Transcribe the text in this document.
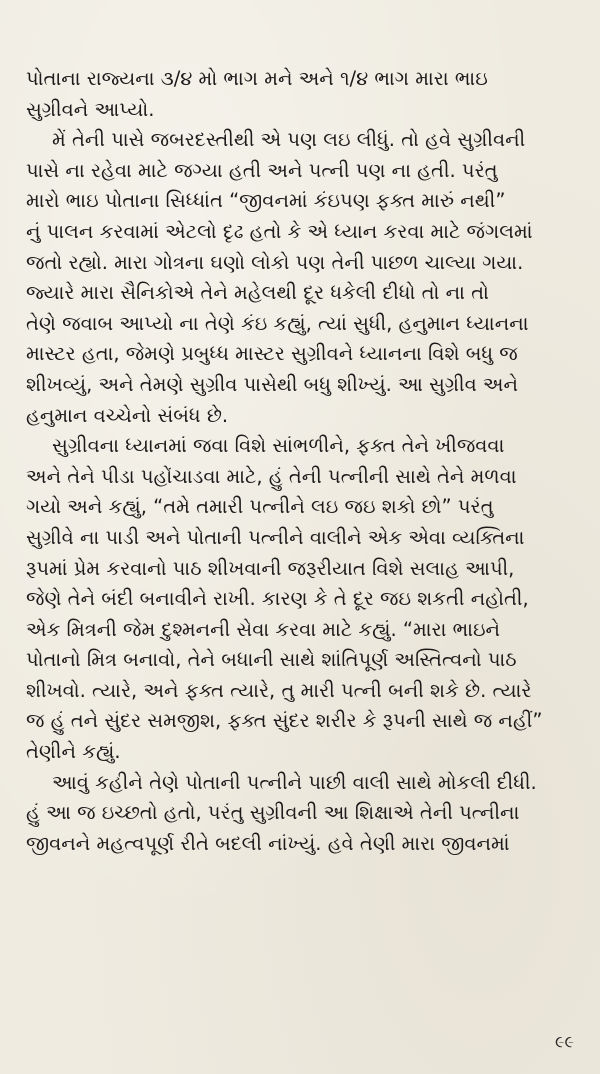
પોતાના રાજ્યના ૩/૪ મો ભાગ મને અને ૧/૪ ભાગ મારા ભાઇ
સુગ્રીવને આપ્યો.
મેં તેની પાસે જબરદસ્તીથી એ પણ લઇ લીધું. તો હવે સુગ્રીવની
પાસે ના રહેવા માટે જગ્યા હતી અને પત્ની પણ ના હતી. પરંતુ
મારો ભાઇ પોતાના સિધ્ધાંત “જીવનમાં કંઇપણ ફક્ત મારું નથી”
નું પાલન કરવામાં એટલો દૃઢ હતો કે એ ધ્યાન કરવા માટે જંગલમાં
જતો રહ્યો. મારા ગોત્રના ઘણો લોકો પણ તેની પાછળ ચાલ્યા ગયા.
જ્યારે મારા સૈનિકોએ તેને મહેલથી દૂર ધકેલી દીધો તો ના તો
તેણે જવાબ આપ્યો ના તેણે કંઇ કહ્યું, ત્યાં સુધી, હનુમાન ધ્યાનના
માસ્ટર હતા, જેમણે પ્રબુધ્ધ માસ્ટર સુગ્રીવને ધ્યાનના વિશે બધુ જ
શીખવ્યું, અને તેમણે સુગ્રીવ પાસેથી બધુ શીખ્યું. આ સુગ્રીવ અને
હનુમાન વચ્ચેનો સંબંધ છે.
સુગ્રીવના ધ્યાનમાં જવા વિશે સાંભળીને, ફક્ત તેને ખીજવવા
અને તેને પીડા પહોંચાડવા માટે, હું તેની પત્નીની સાથે તેને મળવા
ગયો અને કહ્યું, “તમે તમારી પત્નીને લઇ જઇ શકો છો” પરંતુ
સુગ્રીવે ના પાડી અને પોતાની પત્નીને વાલીને એક એવા વ્યક્તિના
રૂપમાં પ્રેમ કરવાનો પાઠ શીખવાની જરૂરીયાત વિશે સલાહ આપી,
જેણે તેને બંદી બનાવીને રાખી. કારણ કે તે દૂર જઇ શકતી નહોતી,
એક મિત્રની જેમ દુશ્મનની સેવા કરવા માટે કહ્યું. “મારા ભાઇને
પોતાનો મિત્ર બનાવો, તેને બધાની સાથે શાંતિપૂર્ણ અસ્તિત્વનો પાઠ
શીખવો. ત્યારે, અને ફક્ત ત્યારે, તુ મારી પત્ની બની શકે છે. ત્યારે
જ હું તને સુંદર સમજીશ, ફક્ત સુંદર શરીર કે રૂપની સાથે જ નહીં”
તેણીને કહ્યું.
આવું કહીને તેણે પોતાની પત્નીને પાછી વાલી સાથે મોકલી દીધી.
હું આ જ ઇચ્છતો હતો, પરંતુ સુગ્રીવની આ શિક્ષાએ તેની પત્નીના
જીવનને મહત્વપૂર્ણ રીતે બદલી નાંખ્યું. હવે તેણી મારા જીવનમાં
૯૯
